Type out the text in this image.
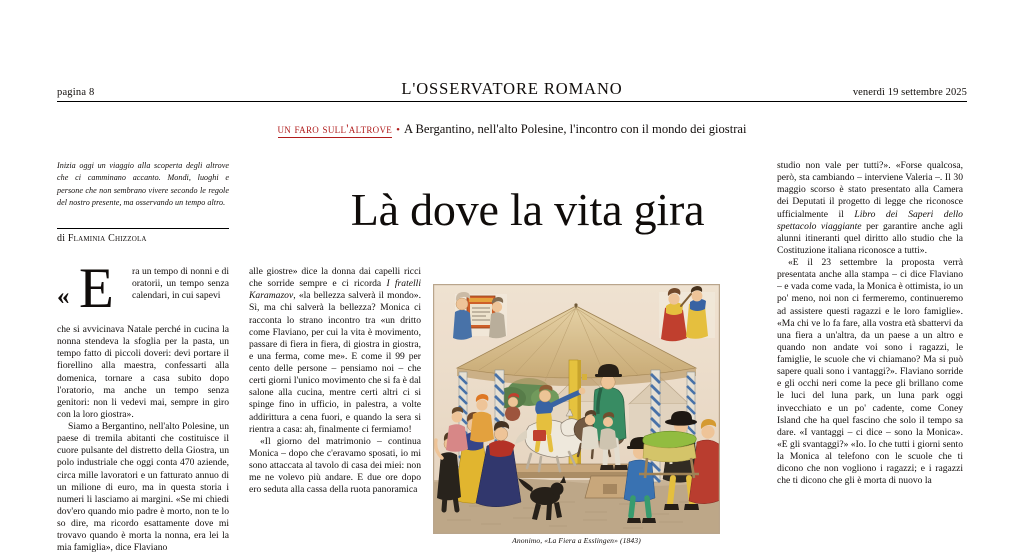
pagina 8	L'OSSERVATORE ROMANO	venerdì 19 settembre 2025
un faro sull'altrove • A Bergantino, nell'alto Polesine, l'incontro con il mondo dei giostrai
Là dove la vita gira
Inizia oggi un viaggio alla scoperta degli altrove che ci camminano accanto. Mondi, luoghi e persone che non sembrano vivere secondo le regole del nostro presente, ma osservando un tempo altro.
di Flaminia Chizzola
« E	ra un tempo di nonni e di oratorii, un tempo senza calendari, in cui sapevi

che si avvicinava Natale perché in cucina la nonna stendeva la sfoglia per la pasta, un tempo fatto di piccoli doveri: devi portare il fiorellino alla maestra, confessarti alla domenica, tornare a casa subito dopo l'oratorio, ma anche un tempo senza genitori: non li vedevi mai, sempre in giro con la loro giostra».

Siamo a Bergantino, nell'alto Polesine, un paese di tremila abitanti che costituisce il cuore pulsante del distretto della Giostra, un polo industriale che oggi conta 470 aziende, circa mille lavoratori e un fatturato annuo di un milione di euro, ma in questa storia i numeri li lasciamo ai margini. «Se mi chiedi dov'ero quando mio padre è morto, non te lo so dire, ma ricordo esattamente dove mi trovavo quando è morta la nonna, era lei la mia famiglia», dice Flaviano

alle giostre» dice la donna dai capelli ricci che sorride sempre e ci ricorda I fratelli Karamazov, «la bellezza salverà il mondo». Sì, ma chi salverà la bellezza? Monica ci racconta lo strano incontro tra «un dritto come Flaviano, per cui la vita è movimento, passare di fiera in fiera, di giostra in giostra, e una ferma, come me». E come il 99 per cento delle persone – pensiamo noi – che certi giorni l'unico movimento che si fa è dal salone alla cucina, mentre certi altri ci si spinge fino in ufficio, in palestra, a volte addirittura a cena fuori, e quando la sera si rientra a casa: ah, finalmente ci fermiamo!

«Il giorno del matrimonio – continua Monica – dopo che c'eravamo sposati, io mi sono attaccata al tavolo di casa dei miei: non me ne volevo più andare. E due ore dopo ero seduta alla cassa della ruota panoramica

studio non vale per tutti?». «Forse qualcosa, però, sta cambiando – interviene Valeria –. Il 30 maggio scorso è stato presentato alla Camera dei Deputati il progetto di legge che riconosce ufficialmente il Libro dei Saperi dello spettacolo viaggiante per garantire anche agli alunni itineranti quel diritto allo studio che la Costituzione italiana riconosce a tutti».

«E il 23 settembre la proposta verrà presentata anche alla stampa – ci dice Flaviano – e vada come vada, la Monica è ottimista, io un po' meno, noi non ci fermeremo, continueremo ad assistere questi ragazzi e le loro famiglie». «Ma chi ve lo fa fare, alla vostra età sbattervi da una fiera a un'altra, da un paese a un altro e quando non andate voi sono i ragazzi, le famiglie, le scuole che vi chiamano? Ma si può sapere quali sono i vantaggi?». Flaviano sorride e gli occhi neri come la pece gli brillano come le luci del luna park, un luna park oggi invecchiato e un po' cadente, come Coney Island che ha quel fascino che solo il tempo sa dare. «I vantaggi – ci dice – sono la Monica». «E gli svantaggi?» «Io. Io che tutti i giorni sento la Monica al telefono con le scuole che ti dicono che non vogliono i ragazzi; e i ragazzi che ti dicono che gli è morta di nuovo la

Anonimo, «La Fiera a Esslingen» (1843)
